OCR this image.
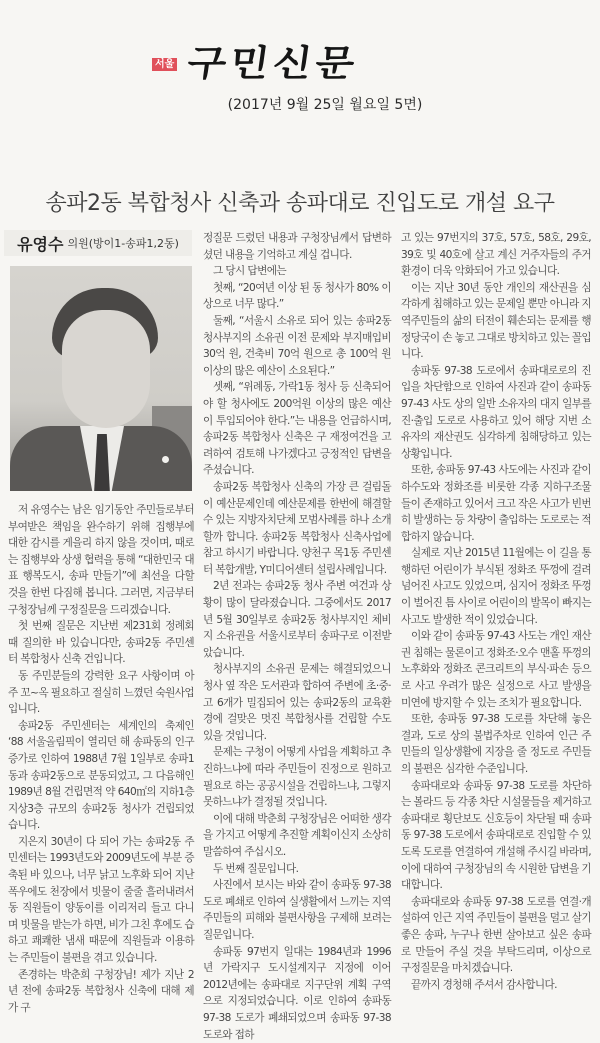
서울 구민신문
(2017년 9월 25일 월요일 5면)
송파2동 복합청사 신축과 송파대로 진입도로 개설 요구
유영수 의원(방이1-송파1,2동)

저 유영수는 남은 임기동안 주민들로부터 부여받은 책임을 완수하기 위해 집행부에 대한 감시를 게을리 하지 않을 것이며, 때로는 집행부와 상생 협력을 통해 “대한민국 대표 행복도시, 송파 만들기”에 최선을 다할 것을 한번 다짐해 봅니다. 그러면, 지금부터 구청장님께 구정질문을 드리겠습니다.

첫 번째 질문은 지난번 제231회 정례회 때 질의한 바 있습니다만, 송파2동 주민센터 복합청사 신축 건입니다.

동 주민분들의 강력한 요구 사항이며 아주 꼬~옥 필요하고 절실히 느꼈던 숙원사업입니다.

송파2동 주민센터는 세계인의 축제인 ‘88 서울올림픽이 열리던 해 송파동의 인구증가로 인하여 1988년 7월 1일부로 송파1동과 송파2동으로 분동되었고, 그 다음해인 1989년 8월 건립면적 약 640㎡의 지하1층 지상3층 규모의 송파2동 청사가 건립되었습니다.

지은지 30년이 다 되어 가는 송파2동 주민센터는 1993년도와 2009년도에 부분 증축된 바 있으나, 너무 낡고 노후화 되어 지난 폭우에도 천장에서 빗물이 줄줄 흘러내려서 동 직원들이 양동이를 이리저리 들고 다니며 빗물을 받는가 하면, 비가 그친 후에도 습하고 쾌쾌한 냄새 때문에 직원들과 이용하는 주민들이 불편을 겪고 있습니다.

존경하는 박춘희 구청장님! 제가 지난 2년 전에 송파2동 복합청사 신축에 대해 제가 구

정질문 드렸던 내용과 구청장님께서 답변하셨던 내용을 기억하고 계실 겁니다.

그 당시 답변에는

첫째, “20여년 이상 된 동 청사가 80% 이상으로 너무 많다.”

둘째, “서울시 소유로 되어 있는 송파2동 청사부지의 소유권 이전 문제와 부지매입비 30억 원, 건축비 70억 원으로 총 100억 원 이상의 많은 예산이 소요된다.”

셋째, “위례동, 가락1동 청사 등 신축되어야 할 청사에도 200억원 이상의 많은 예산이 투입되어야 한다.”는 내용을 언급하시며, 송파2동 복합청사 신축은 구 재정여건을 고려하여 검토해 나가겠다고 긍정적인 답변을 주셨습니다.

송파2동 복합청사 신축의 가장 큰 걸림돌이 예산문제인데 예산문제를 한번에 해결할 수 있는 지방자치단체 모범사례를 하나 소개할까 합니다. 송파2동 복합청사 신축사업에 참고 하시기 바랍니다. 양천구 목1동 주민센터 복합개발, Y미디어센터 설립사례입니다.

2년 전과는 송파2동 청사 주변 여건과 상황이 많이 달라졌습니다. 그중에서도 2017년 5월 30일부로 송파2동 청사부지인 체비지 소유권을 서울시로부터 송파구로 이전받았습니다.

청사부지의 소유권 문제는 해결되었으니 청사 옆 작은 도서관과 합하여 주변에 초·중·고 6개가 밀집되어 있는 송파2동의 교육환경에 걸맞은 멋진 복합청사를 건립할 수도 있을 것입니다.

문제는 구청이 어떻게 사업을 계획하고 추진하느냐에 따라 주민들이 진정으로 원하고 필요로 하는 공공시설을 건립하느냐, 그렇지 못하느냐가 결정될 것입니다.

이에 대해 박춘희 구청장님은 어떠한 생각을 가지고 어떻게 추진할 계획이신지 소상히 말씀하여 주십시오.

두 번째 질문입니다.

사진에서 보시는 바와 같이 송파동 97-38 도로 폐쇄로 인하여 실생활에서 느끼는 지역주민들의 피해와 불편사항을 구제해 보려는 질문입니다.

송파동 97번지 일대는 1984년과 1996년 가락지구 도시설계지구 지정에 이어 2012년에는 송파대로 지구단위 계획 구역으로 지정되었습니다. 이로 인하여 송파동 97-38 도로가 폐쇄되었으며 송파동 97-38 도로와 접하

고 있는 97번지의 37호, 57호, 58호, 29호, 39호 및 40호에 살고 계신 거주자들의 주거환경이 더욱 악화되어 가고 있습니다.

이는 지난 30년 동안 개인의 재산권을 심각하게 침해하고 있는 문제일 뿐만 아니라 지역주민들의 삶의 터전이 훼손되는 문제를 행정당국이 손 놓고 그대로 방치하고 있는 꼴입니다.

송파동 97-38 도로에서 송파대로로의 진입을 차단함으로 인하여 사진과 같이 송파동 97-43 사도 상의 일반 소유자의 대지 일부를 진·출입 도로로 사용하고 있어 해당 지번 소유자의 재산권도 심각하게 침해당하고 있는 상황입니다.

또한, 송파동 97-43 사도에는 사진과 같이 하수도와 정화조를 비롯한 각종 지하구조물들이 존재하고 있어서 크고 작은 사고가 빈번히 발생하는 등 차량이 출입하는 도로로는 적합하지 않습니다.

실제로 지난 2015년 11월에는 이 길을 통행하던 어린이가 부식된 정화조 뚜껑에 걸려 넘어진 사고도 있었으며, 심지어 정화조 뚜껑이 벌어진 틈 사이로 어린이의 발목이 빠지는 사고도 발생한 적이 있었습니다.

이와 같이 송파동 97-43 사도는 개인 재산권 침해는 물론이고 정화조·오수 맨홀 뚜껑의 노후화와 정화조 콘크리트의 부식·파손 등으로 사고 우려가 많은 실정으로 사고 발생을 미연에 방지할 수 있는 조치가 필요합니다.

또한, 송파동 97-38 도로를 차단해 놓은 결과, 도로 상의 불법주차로 인하여 인근 주민들의 일상생활에 지장을 줄 정도로 주민들의 불편은 심각한 수준입니다.

송파대로와 송파동 97-38 도로를 차단하는 볼라드 등 각종 차단 시설물들을 제거하고 송파대로 횡단보도 신호등이 차단될 때 송파동 97-38 도로에서 송파대로로 진입할 수 있도록 도로를 연결하여 개설해 주시길 바라며, 이에 대하여 구청장님의 속 시원한 답변을 기대합니다.

송파대로와 송파동 97-38 도로를 연결·개설하여 인근 지역 주민들이 불편을 덜고 살기좋은 송파, 누구나 한번 살아보고 싶은 송파로 만들어 주실 것을 부탁드리며, 이상으로 구정질문을 마치겠습니다.

끝까지 경청해 주셔서 감사합니다.
